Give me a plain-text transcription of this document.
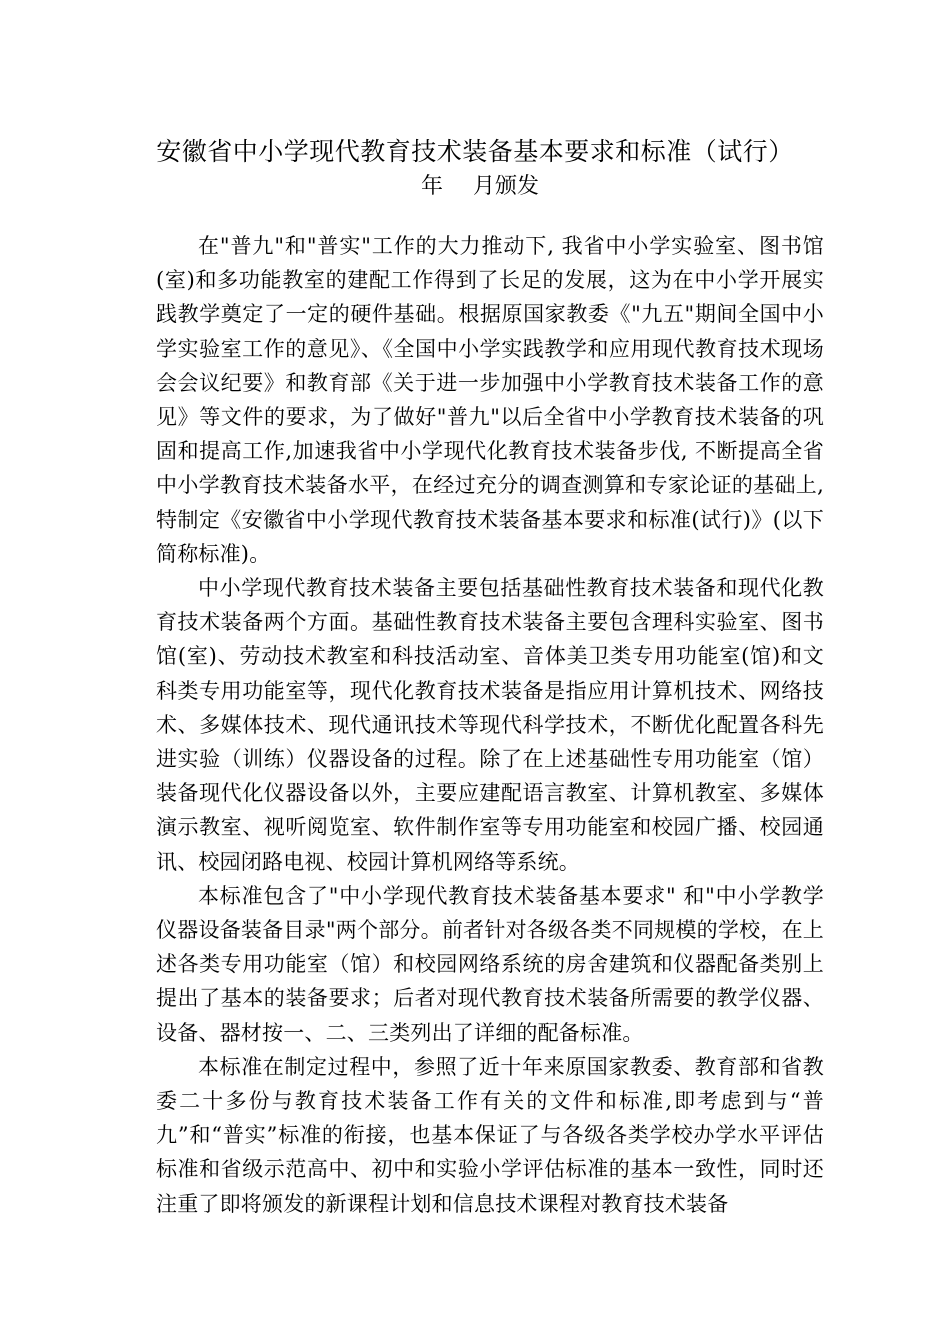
安徽省中小学现代教育技术装备基本要求和标准（试行）
年 月颁发

在"普九"和"普实"工作的大力推动下, 我省中小学实验室、图书馆(室)和多功能教室的建配工作得到了长足的发展，这为在中小学开展实践教学奠定了一定的硬件基础。根据原国家教委《"九五"期间全国中小学实验室工作的意见》、《全国中小学实践教学和应用现代教育技术现场会会议纪要》和教育部《关于进一步加强中小学教育技术装备工作的意见》等文件的要求，为了做好"普九"以后全省中小学教育技术装备的巩固和提高工作,加速我省中小学现代化教育技术装备步伐, 不断提高全省中小学教育技术装备水平，在经过充分的调查测算和专家论证的基础上,特制定《安徽省中小学现代教育技术装备基本要求和标准(试行)》(以下简称标准)。

中小学现代教育技术装备主要包括基础性教育技术装备和现代化教育技术装备两个方面。基础性教育技术装备主要包含理科实验室、图书馆(室)、劳动技术教室和科技活动室、音体美卫类专用功能室(馆)和文科类专用功能室等，现代化教育技术装备是指应用计算机技术、网络技术、多媒体技术、现代通讯技术等现代科学技术，不断优化配置各科先进实验（训练）仪器设备的过程。除了在上述基础性专用功能室（馆）装备现代化仪器设备以外，主要应建配语言教室、计算机教室、多媒体演示教室、视听阅览室、软件制作室等专用功能室和校园广播、校园通讯、校园闭路电视、校园计算机网络等系统。

本标准包含了"中小学现代教育技术装备基本要求" 和"中小学教学仪器设备装备目录"两个部分。前者针对各级各类不同规模的学校，在上述各类专用功能室（馆）和校园网络系统的房舍建筑和仪器配备类别上提出了基本的装备要求；后者对现代教育技术装备所需要的教学仪器、设备、器材按一、二、三类列出了详细的配备标准。

本标准在制定过程中，参照了近十年来原国家教委、教育部和省教委二十多份与教育技术装备工作有关的文件和标准,即考虑到与“普九”和“普实”标准的衔接，也基本保证了与各级各类学校办学水平评估标准和省级示范高中、初中和实验小学评估标准的基本一致性，同时还注重了即将颁发的新课程计划和信息技术课程对教育技术装备
